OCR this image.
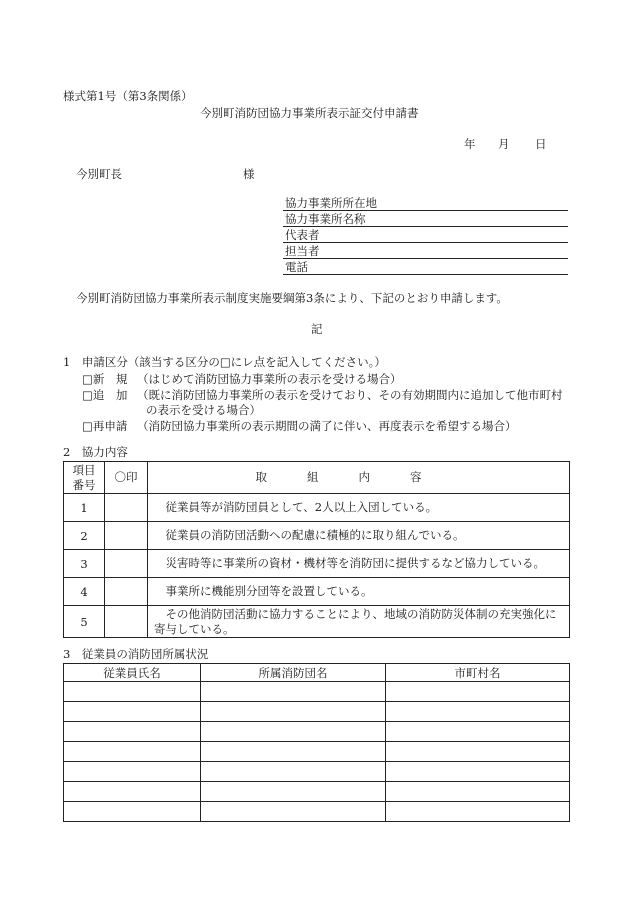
様式第1号（第3条関係）
今別町消防団協力事業所表示証交付申請書
年 月 日
今別町長	様
協力事業所所在地
協力事業所名称
代表者
担当者
電話
今別町消防団協力事業所表示制度実施要綱第3条により、下記のとおり申請します。
記
1　申請区分（該当する区分の□にレ点を記入してください。）
□新　規 （はじめて消防団協力事業所の表示を受ける場合）
□追　加 （既に消防団協力事業所の表示を受けており、その有効期間内に追加して他市町村
の表示を受ける場合）
□再申請 （消防団協力事業所の表示期間の満了に伴い、再度表示を希望する場合）
2　協力内容
項目
番号	〇印	取組内容
1		　従業員等が消防団員として、2人以上入団している。

2		　従業員の消防団活動への配慮に積極的に取り組んでいる。

3		　災害時等に事業所の資材・機材等を消防団に提供するなど協力している。

4		　事業所に機能別分団等を設置している。

5		　その他消防団活動に協力することにより、地域の消防防災体制の充実強化に
寄与している。
3　従業員の消防団所属状況
従業員氏名	所属消防団名	市町村名
